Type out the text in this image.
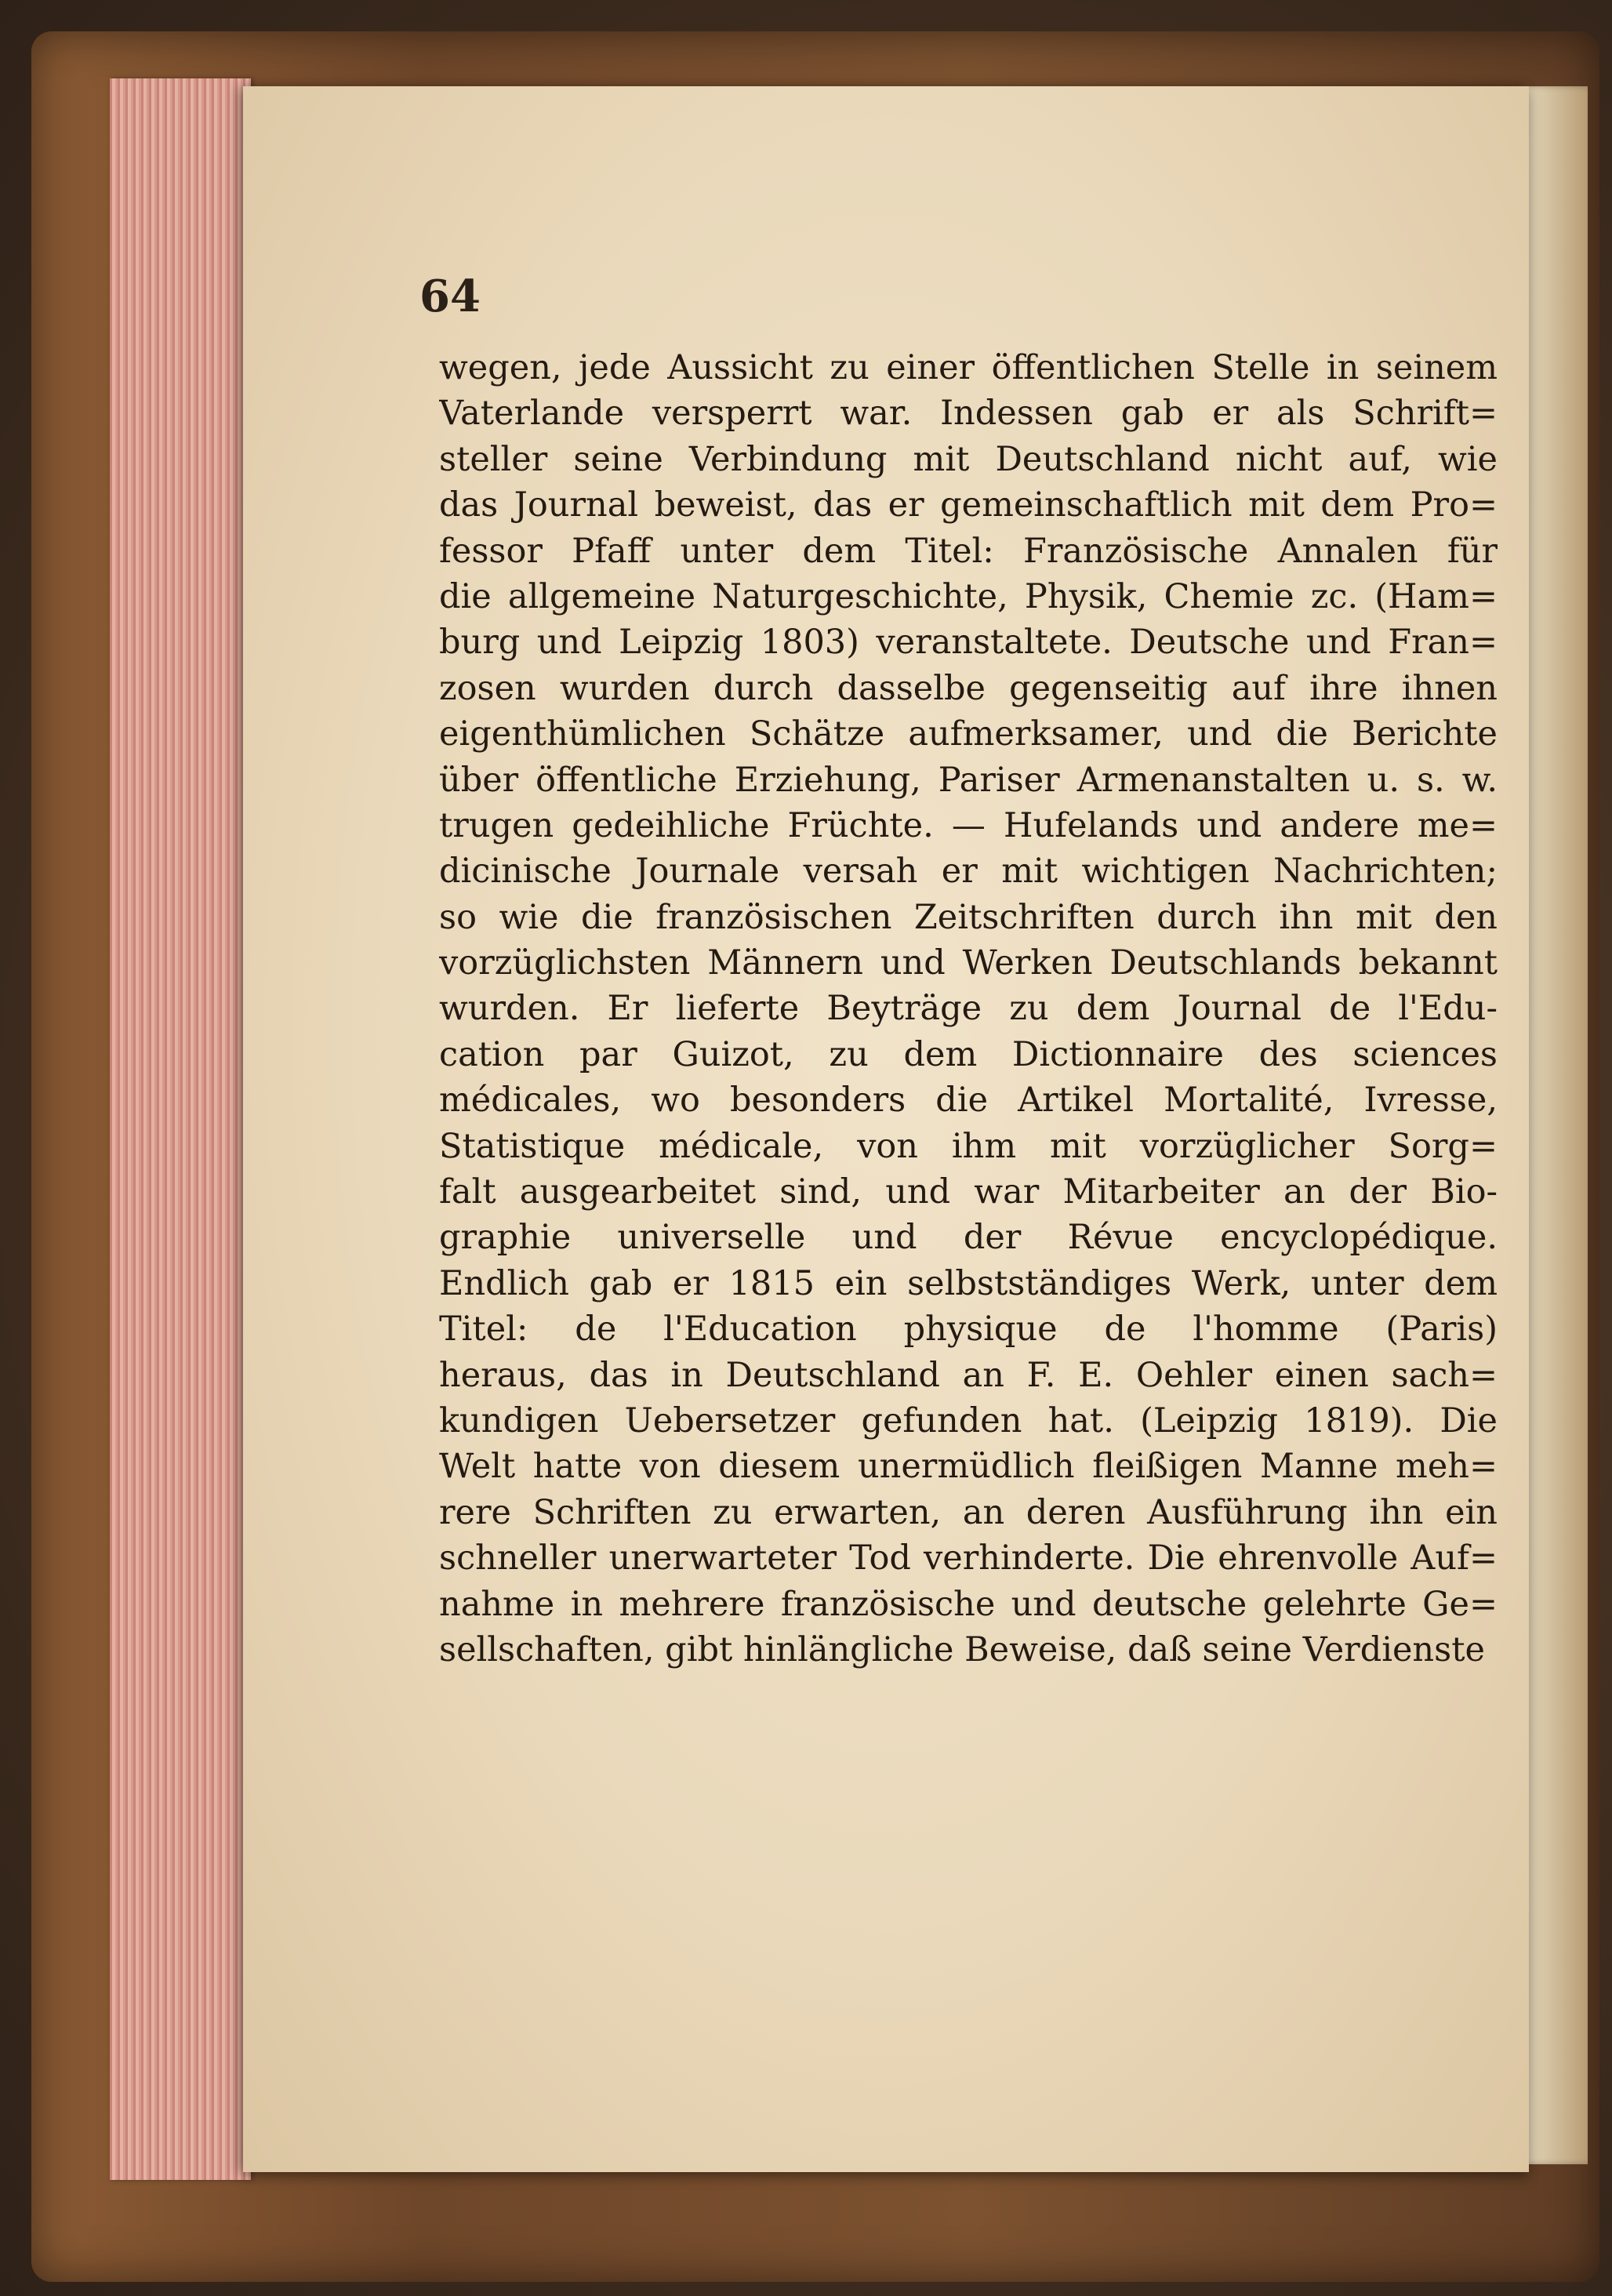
64

wegen, jede Aussicht zu einer öffentlichen Stelle in seinem
Vaterlande versperrt war. Indessen gab er als Schrift=
steller seine Verbindung mit Deutschland nicht auf, wie
das Journal beweist, das er gemeinschaftlich mit dem Pro=
fessor Pfaff unter dem Titel: Französische Annalen für
die allgemeine Naturgeschichte, Physik, Chemie zc. (Ham=
burg und Leipzig 1803) veranstaltete. Deutsche und Fran=
zosen wurden durch dasselbe gegenseitig auf ihre ihnen
eigenthümlichen Schätze aufmerksamer, und die Berichte
über öffentliche Erziehung, Pariser Armenanstalten u. s. w.
trugen gedeihliche Früchte. — Hufelands und andere me=
dicinische Journale versah er mit wichtigen Nachrichten;
so wie die französischen Zeitschriften durch ihn mit den
vorzüglichsten Männern und Werken Deutschlands bekannt
wurden. Er lieferte Beyträge zu dem Journal de l'Edu-
cation par Guizot, zu dem Dictionnaire des sciences
médicales, wo besonders die Artikel Mortalité, Ivresse,
Statistique médicale, von ihm mit vorzüglicher Sorg=
falt ausgearbeitet sind, und war Mitarbeiter an der Bio-
graphie universelle und der Révue encyclopédique.
Endlich gab er 1815 ein selbstständiges Werk, unter dem
Titel: de l'Education physique de l'homme (Paris)
heraus, das in Deutschland an F. E. Oehler einen sach=
kundigen Uebersetzer gefunden hat. (Leipzig 1819). Die
Welt hatte von diesem unermüdlich fleißigen Manne meh=
rere Schriften zu erwarten, an deren Ausführung ihn ein
schneller unerwarteter Tod verhinderte. Die ehrenvolle Auf=
nahme in mehrere französische und deutsche gelehrte Ge=
sellschaften, gibt hinlängliche Beweise, daß seine Verdienste
